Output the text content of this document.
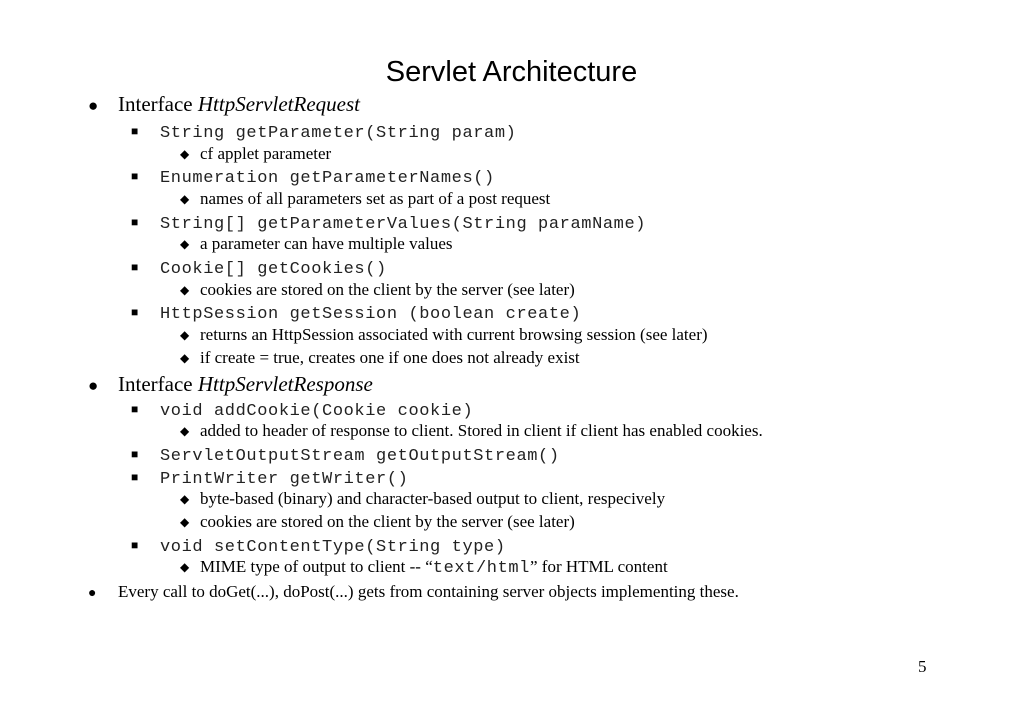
Servlet Architecture
● Interface HttpServletRequest
■ String getParameter(String param)
◆ cf applet parameter
■ Enumeration getParameterNames()
◆ names of all parameters set as part of a post request
■ String[] getParameterValues(String paramName)
◆ a parameter can have multiple values
■ Cookie[] getCookies()
◆ cookies are stored on the client by the server (see later)
■ HttpSession getSession (boolean create)
◆ returns an HttpSession associated with current browsing session (see later)
◆ if create = true, creates one if one does not already exist
● Interface HttpServletResponse
■ void addCookie(Cookie cookie)
◆ added to header of response to client. Stored in client if client has enabled cookies.
■ ServletOutputStream getOutputStream()
■ PrintWriter getWriter()
◆ byte-based (binary) and character-based output to client, respecively
◆ cookies are stored on the client by the server (see later)
■ void setContentType(String type)
◆ MIME type of output to client -- “text/html” for HTML content
● Every call to doGet(...), doPost(...) gets from containing server objects implementing these.
5
